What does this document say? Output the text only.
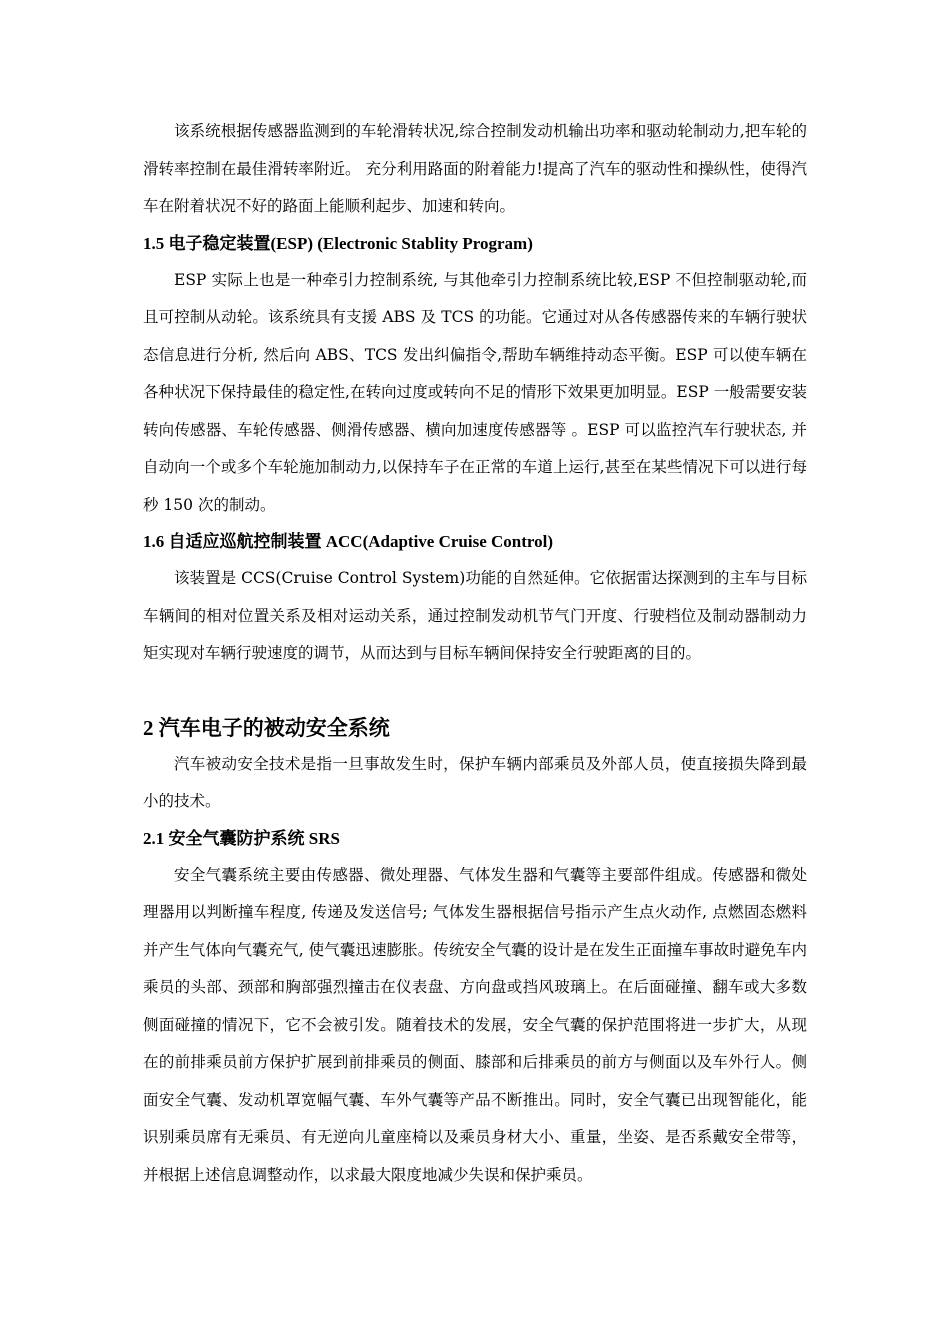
该系统根据传感器监测到的车轮滑转状况,综合控制发动机输出功率和驱动轮制动力,把车轮的滑转率控制在最佳滑转率附近。 充分利用路面的附着能力!提高了汽车的驱动性和操纵性，使得汽车在附着状况不好的路面上能顺利起步、加速和转向。

1.5 电子稳定装置(ESP) (Electronic Stablity Program)

ESP 实际上也是一种牵引力控制系统, 与其他牵引力控制系统比较,ESP 不但控制驱动轮,而且可控制从动轮。该系统具有支援 ABS 及 TCS 的功能。它通过对从各传感器传来的车辆行驶状态信息进行分析, 然后向 ABS、TCS 发出纠偏指令,帮助车辆维持动态平衡。ESP 可以使车辆在各种状况下保持最佳的稳定性,在转向过度或转向不足的情形下效果更加明显。ESP 一般需要安装转向传感器、车轮传感器、侧滑传感器、横向加速度传感器等 。ESP 可以监控汽车行驶状态, 并自动向一个或多个车轮施加制动力,以保持车子在正常的车道上运行,甚至在某些情况下可以进行每秒 150 次的制动。

1.6 自适应巡航控制装置 ACC(Adaptive Cruise Control)

该装置是 CCS(Cruise Control System)功能的自然延伸。它依据雷达探测到的主车与目标车辆间的相对位置关系及相对运动关系，通过控制发动机节气门开度、行驶档位及制动器制动力矩实现对车辆行驶速度的调节，从而达到与目标车辆间保持安全行驶距离的目的。

2 汽车电子的被动安全系统

汽车被动安全技术是指一旦事故发生时，保护车辆内部乘员及外部人员，使直接损失降到最小的技术。

2.1 安全气囊防护系统 SRS

安全气囊系统主要由传感器、微处理器、气体发生器和气囊等主要部件组成。传感器和微处理器用以判断撞车程度, 传递及发送信号; 气体发生器根据信号指示产生点火动作, 点燃固态燃料并产生气体向气囊充气, 使气囊迅速膨胀。传统安全气囊的设计是在发生正面撞车事故时避免车内乘员的头部、颈部和胸部强烈撞击在仪表盘、方向盘或挡风玻璃上。在后面碰撞、翻车或大多数侧面碰撞的情况下，它不会被引发。随着技术的发展，安全气囊的保护范围将进一步扩大，从现在的前排乘员前方保护扩展到前排乘员的侧面、膝部和后排乘员的前方与侧面以及车外行人。侧面安全气囊、发动机罩宽幅气囊、车外气囊等产品不断推出。同时，安全气囊已出现智能化，能识别乘员席有无乘员、有无逆向儿童座椅以及乘员身材大小、重量，坐姿、是否系戴安全带等，并根据上述信息调整动作，以求最大限度地减少失误和保护乘员。
